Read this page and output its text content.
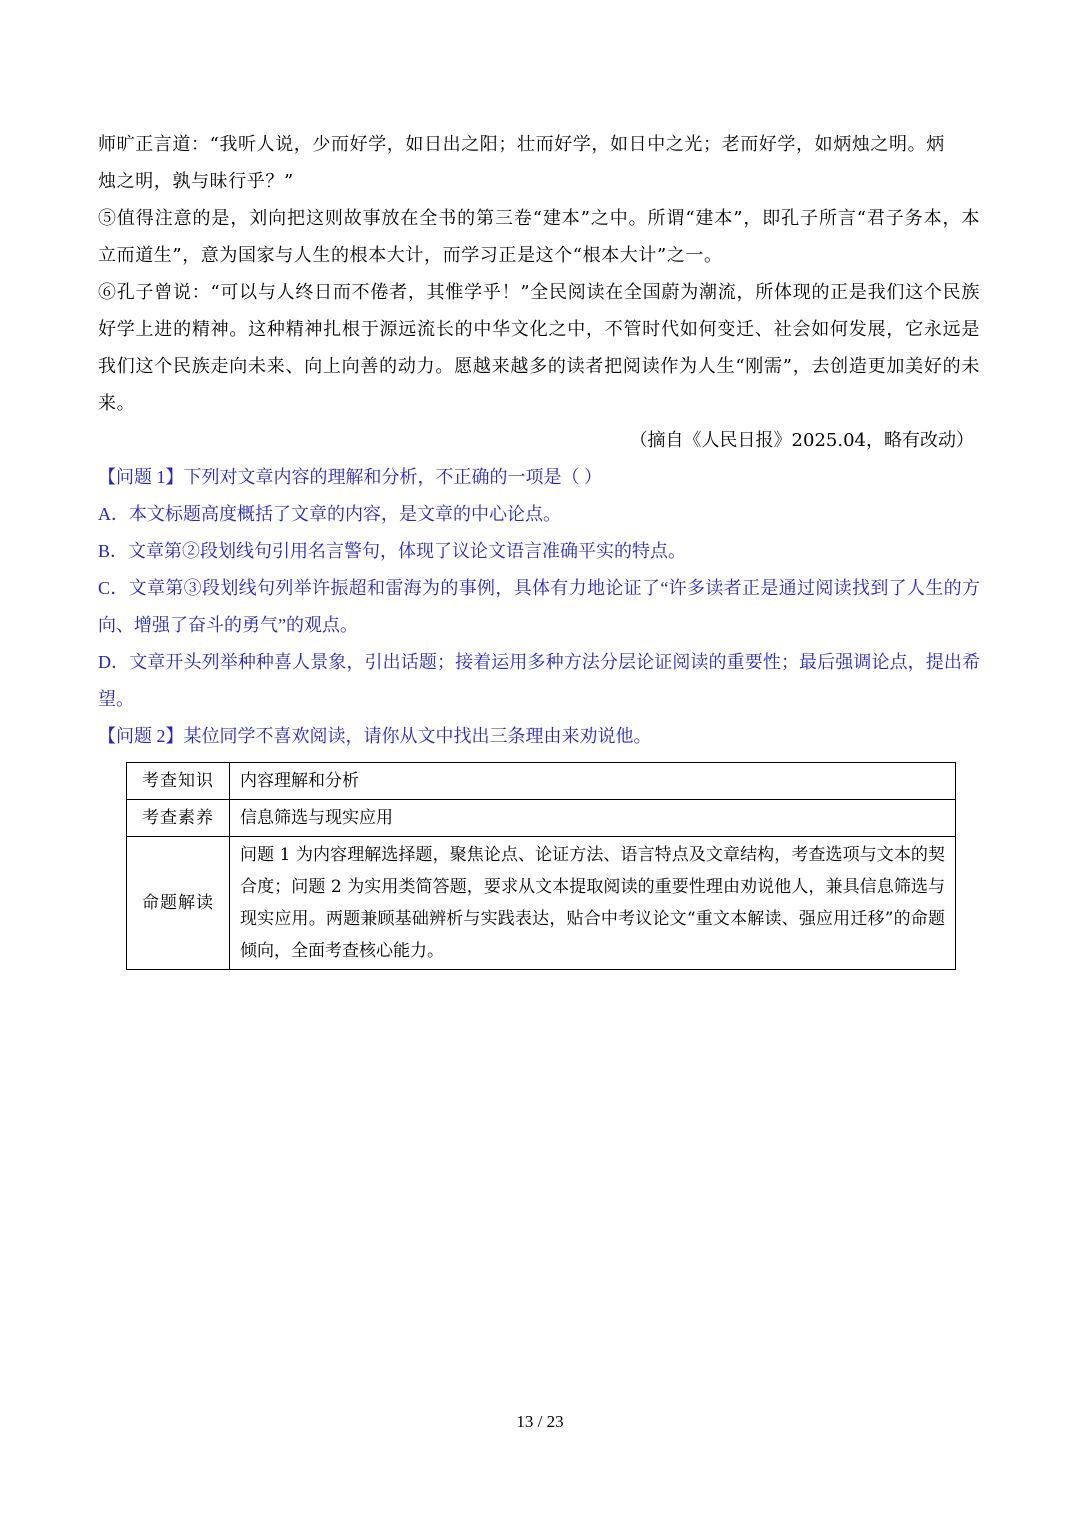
师旷正言道：“我听人说，少而好学，如日出之阳；壮而好学，如日中之光；老而好学，如炳烛之明。炳
烛之明，孰与昧行乎？”

⑤值得注意的是，刘向把这则故事放在全书的第三卷“建本”之中。所谓“建本”，即孔子所言“君子务本，本立而道生”，意为国家与人生的根本大计，而学习正是这个“根本大计”之一。

⑥孔子曾说：“可以与人终日而不倦者，其惟学乎！”全民阅读在全国蔚为潮流，所体现的正是我们这个民族好学上进的精神。这种精神扎根于源远流长的中华文化之中，不管时代如何变迁、社会如何发展，它永远是我们这个民族走向未来、向上向善的动力。愿越来越多的读者把阅读作为人生“刚需”，去创造更加美好的未来。

（摘自《人民日报》2025.04，略有改动）

【问题 1】下列对文章内容的理解和分析，不正确的一项是（ ）

A．本文标题高度概括了文章的内容，是文章的中心论点。

B．文章第②段划线句引用名言警句，体现了议论文语言准确平实的特点。

C．文章第③段划线句列举许振超和雷海为的事例，具体有力地论证了“许多读者正是通过阅读找到了人生的方向、增强了奋斗的勇气”的观点。

D．文章开头列举种种喜人景象，引出话题；接着运用多种方法分层论证阅读的重要性；最后强调论点，提出希望。

【问题 2】某位同学不喜欢阅读，请你从文中找出三条理由来劝说他。

考查知识	内容理解和分析
考查素养	信息筛选与现实应用
命题解读	问题 1 为内容理解选择题，聚焦论点、论证方法、语言特点及文章结构，考查选项与文本的契合度；问题 2 为实用类简答题，要求从文本提取阅读的重要性理由劝说他人，兼具信息筛选与现实应用。两题兼顾基础辨析与实践表达，贴合中考议论文“重文本解读、强应用迁移”的命题倾向，全面考查核心能力。
13 / 23
